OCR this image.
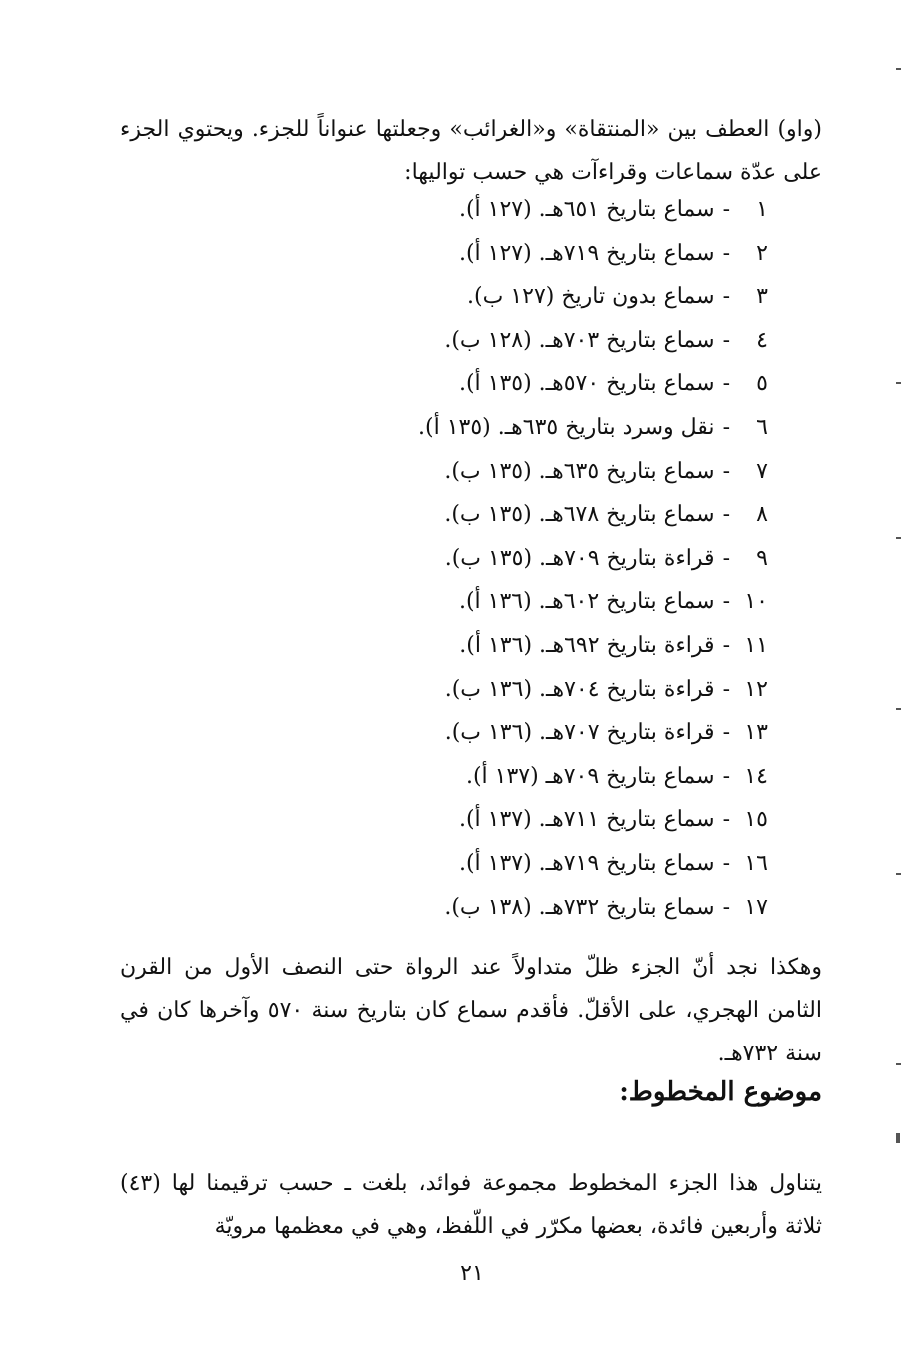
(واو) العطف بين «المنتقاة» و«الغرائب» وجعلتها عنواناً للجزء. ويحتوي الجزء على عدّة سماعات وقراءآت هي حسب تواليها:

١-سماع بتاريخ ٦٥١هـ. (١٢٧ أ).
٢-سماع بتاريخ ٧١٩هـ. (١٢٧ أ).
٣-سماع بدون تاريخ (١٢٧ ب).
٤-سماع بتاريخ ٧٠٣هـ. (١٢٨ ب).
٥-سماع بتاريخ ٥٧٠هـ. (١٣٥ أ).
٦-نقل وسرد بتاريخ ٦٣٥هـ. (١٣٥ أ).
٧-سماع بتاريخ ٦٣٥هـ. (١٣٥ ب).
٨-سماع بتاريخ ٦٧٨هـ. (١٣٥ ب).
٩-قراءة بتاريخ ٧٠٩هـ. (١٣٥ ب).
١٠-سماع بتاريخ ٦٠٢هـ. (١٣٦ أ).
١١-قراءة بتاريخ ٦٩٢هـ. (١٣٦ أ).
١٢-قراءة بتاريخ ٧٠٤هـ. (١٣٦ ب).
١٣-قراءة بتاريخ ٧٠٧هـ. (١٣٦ ب).
١٤-سماع بتاريخ ٧٠٩هـ (١٣٧ أ).
١٥-سماع بتاريخ ٧١١هـ. (١٣٧ أ).
١٦-سماع بتاريخ ٧١٩هـ. (١٣٧ أ).
١٧-سماع بتاريخ ٧٣٢هـ. (١٣٨ ب).

وهكذا نجد أنّ الجزء ظلّ متداولاً عند الرواة حتى النصف الأول من القرن الثامن الهجري، على الأقلّ. فأقدم سماع كان بتاريخ سنة ٥٧٠ وآخرها كان في سنة ٧٣٢هـ.

موضوع المخطوط:

يتناول هذا الجزء المخطوط مجموعة فوائد، بلغت ـ حسب ترقيمنا لها (٤٣) ثلاثة وأربعين فائدة، بعضها مكرّر في اللّفظ، وهي في معظمها مرويّة

٢١
